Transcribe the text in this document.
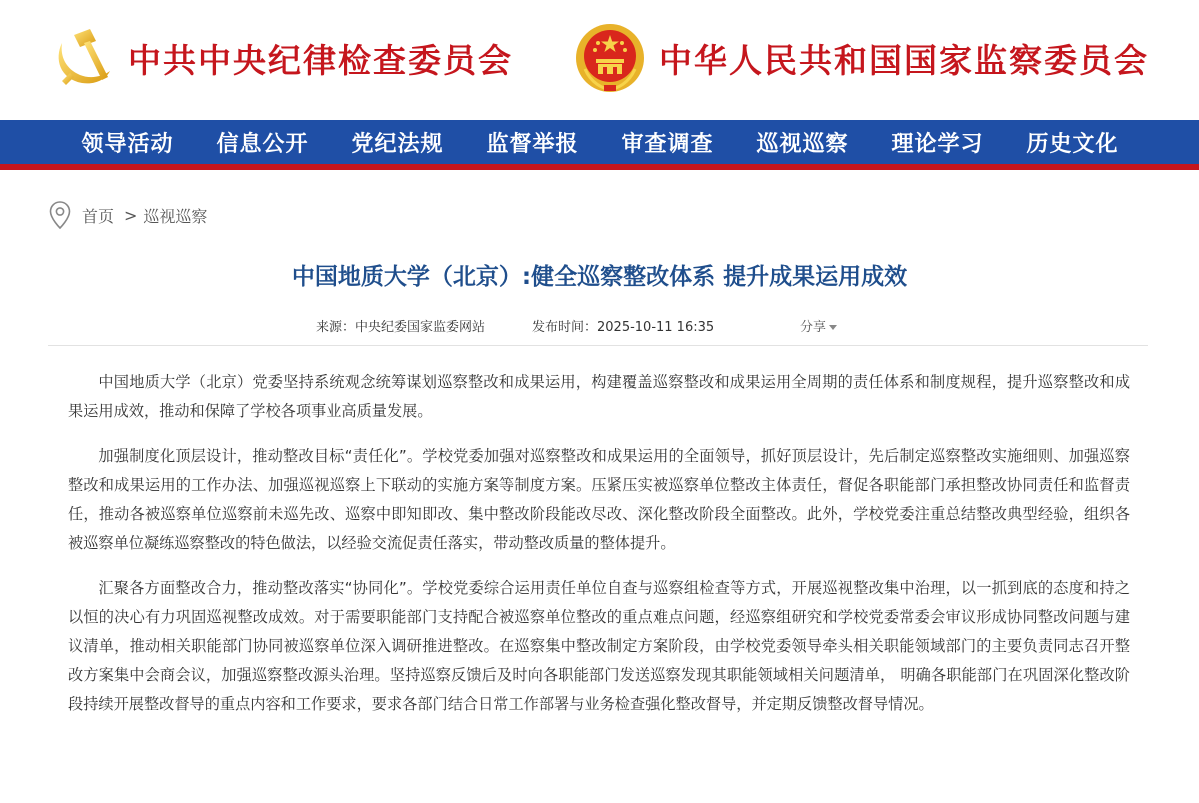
中共中央纪律检查委员会	中华人民共和国国家监察委员会
领导活动	信息公开	党纪法规	监督举报	审查调查	巡视巡察	理论学习	历史文化
首页 > 巡视巡察
中国地质大学（北京）:健全巡察整改体系 提升成果运用成效
来源：中央纪委国家监委网站	发布时间：2025-10-11 16:35	分享

中国地质大学（北京）党委坚持系统观念统筹谋划巡察整改和成果运用，构建覆盖巡察整改和成果运用全周期的责任体系和制度规程，提升巡察整改和成果运用成效，推动和保障了学校各项事业高质量发展。

加强制度化顶层设计，推动整改目标“责任化”。学校党委加强对巡察整改和成果运用的全面领导，抓好顶层设计，先后制定巡察整改实施细则、加强巡察整改和成果运用的工作办法、加强巡视巡察上下联动的实施方案等制度方案。压紧压实被巡察单位整改主体责任，督促各职能部门承担整改协同责任和监督责任，推动各被巡察单位巡察前未巡先改、巡察中即知即改、集中整改阶段能改尽改、深化整改阶段全面整改。此外，学校党委注重总结整改典型经验，组织各被巡察单位凝练巡察整改的特色做法，以经验交流促责任落实，带动整改质量的整体提升。

汇聚各方面整改合力，推动整改落实“协同化”。学校党委综合运用责任单位自查与巡察组检查等方式，开展巡视整改集中治理，以一抓到底的态度和持之以恒的决心有力巩固巡视整改成效。对于需要职能部门支持配合被巡察单位整改的重点难点问题，经巡察组研究和学校党委常委会审议形成协同整改问题与建议清单，推动相关职能部门协同被巡察单位深入调研推进整改。在巡察集中整改制定方案阶段，由学校党委领导牵头相关职能领域部门的主要负责同志召开整改方案集中会商会议，加强巡察整改源头治理。坚持巡察反馈后及时向各职能部门发送巡察发现其职能领域相关问题清单， 明确各职能部门在巩固深化整改阶段持续开展整改督导的重点内容和工作要求，要求各部门结合日常工作部署与业务检查强化整改督导，并定期反馈整改督导情况。
